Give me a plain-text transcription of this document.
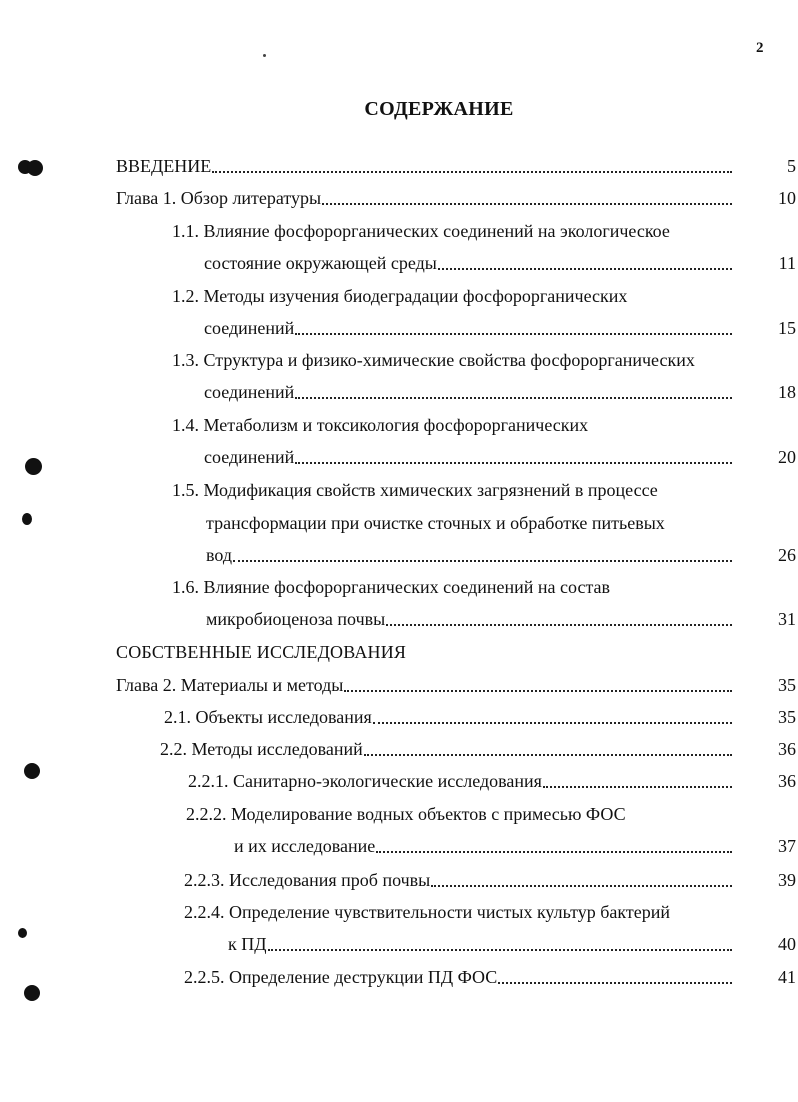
2
СОДЕРЖАНИЕ
ВВЕДЕНИЕ	5
Глава 1. Обзор литературы	10
1.1. Влияние фосфорорганических соединений на экологическое
состояние окружающей среды	11
1.2. Методы изучения биодеградации фосфорорганических
соединений	15
1.3. Структура и физико-химические свойства фосфорорганических
соединений	18
1.4. Метаболизм и токсикология фосфорорганических
соединений	20
1.5. Модификация свойств химических загрязнений в процессе
трансформации при очистке сточных и обработке питьевых
вод	26
1.6. Влияние фосфорорганических соединений на состав
микробиоценоза почвы	31
СОБСТВЕННЫЕ ИССЛЕДОВАНИЯ
Глава 2. Материалы и методы	35
2.1. Объекты исследования	35
2.2. Методы исследований	36
2.2.1. Санитарно-экологические исследования	36
2.2.2. Моделирование водных объектов с примесью ФОС
и их исследование	37
2.2.3. Исследования проб почвы	39
2.2.4. Определение чувствительности чистых культур бактерий
к ПД	40
2.2.5. Определение деструкции ПД ФОС	41
